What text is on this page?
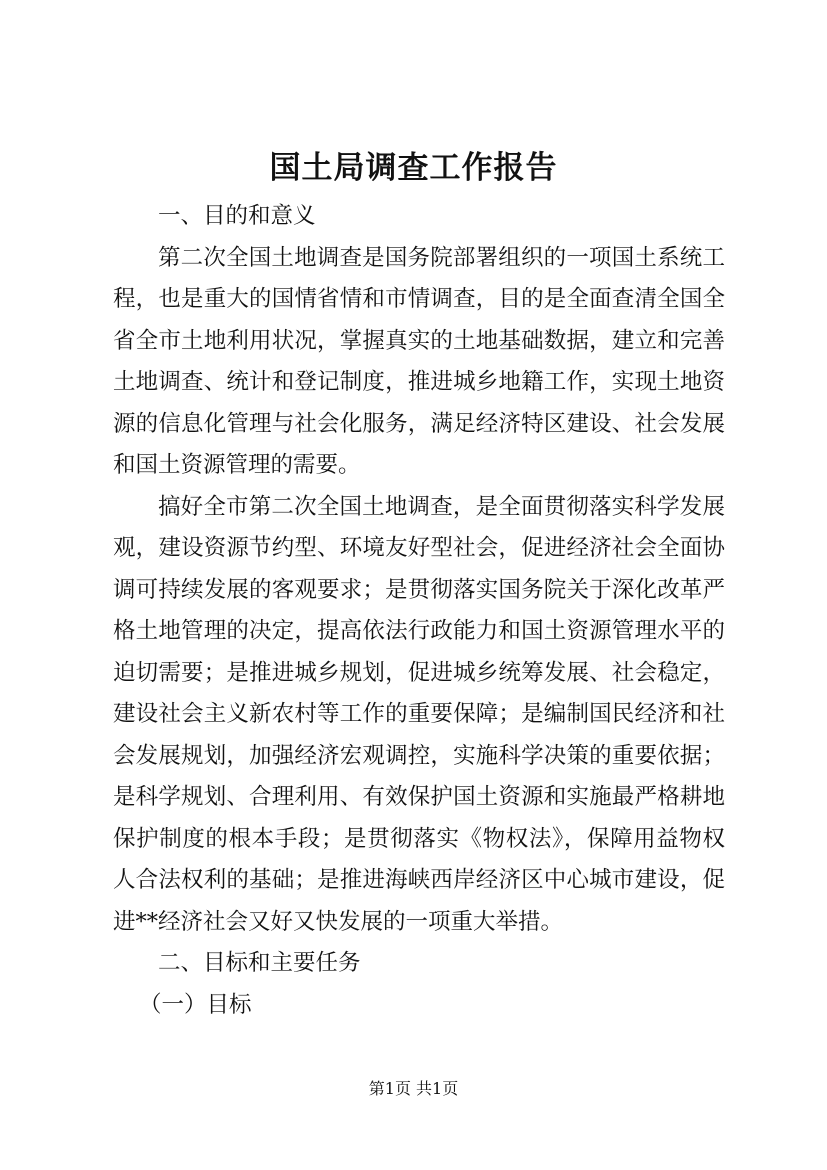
国土局调查工作报告

一、目的和意义

第二次全国土地调查是国务院部署组织的一项国土系统工程，也是重大的国情省情和市情调查，目的是全面查清全国全省全市土地利用状况，掌握真实的土地基础数据，建立和完善土地调查、统计和登记制度，推进城乡地籍工作，实现土地资源的信息化管理与社会化服务，满足经济特区建设、社会发展和国土资源管理的需要。

搞好全市第二次全国土地调查，是全面贯彻落实科学发展观，建设资源节约型、环境友好型社会，促进经济社会全面协调可持续发展的客观要求；是贯彻落实国务院关于深化改革严格土地管理的决定，提高依法行政能力和国土资源管理水平的迫切需要；是推进城乡规划，促进城乡统筹发展、社会稳定，建设社会主义新农村等工作的重要保障；是编制国民经济和社会发展规划，加强经济宏观调控，实施科学决策的重要依据；是科学规划、合理利用、有效保护国土资源和实施最严格耕地保护制度的根本手段；是贯彻落实《物权法》，保障用益物权人合法权利的基础；是推进海峡西岸经济区中心城市建设，促进**经济社会又好又快发展的一项重大举措。

二、目标和主要任务

（一）目标

第1页 共1页
